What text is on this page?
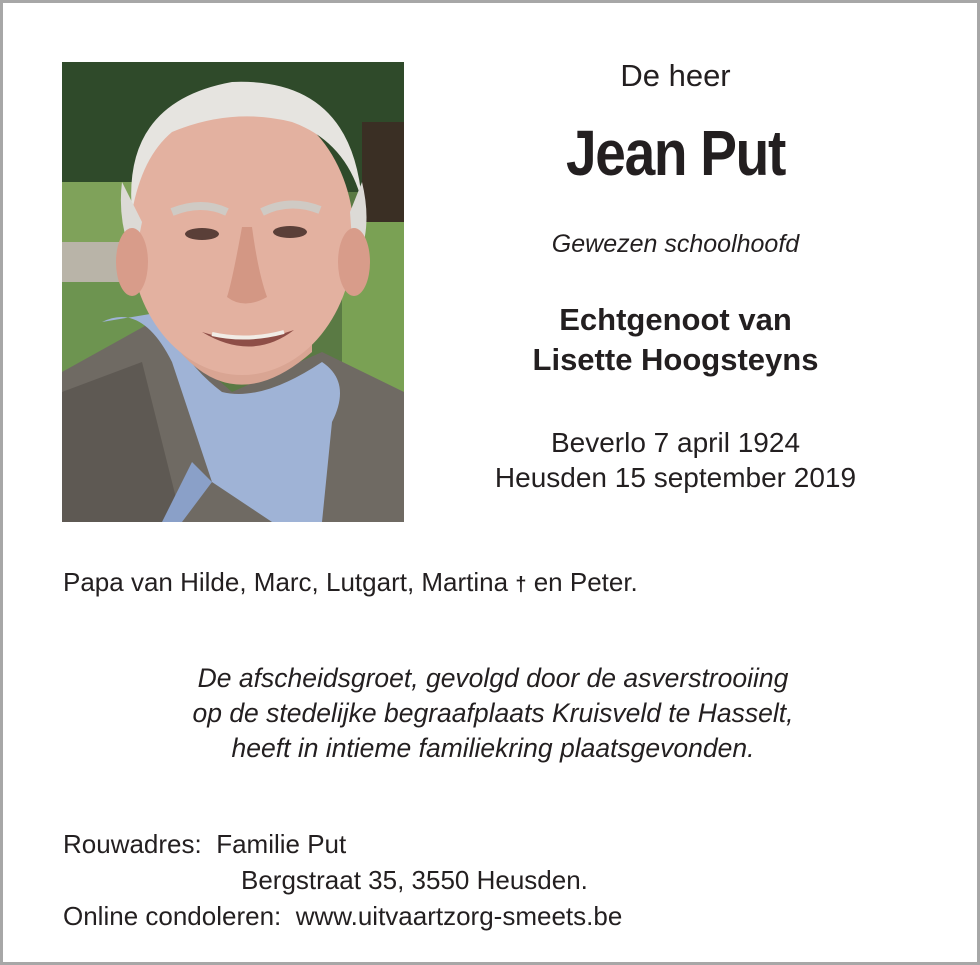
De heer
Jean Put
Gewezen schoolhoofd
Echtgenoot van
Lisette Hoogsteyns
Beverlo 7 april 1924
Heusden 15 september 2019
Papa van Hilde, Marc, Lutgart, Martina † en Peter.
De afscheidsgroet, gevolgd door de asverstrooiing
op de stedelijke begraafplaats Kruisveld te Hasselt,
heeft in intieme familiekring plaatsgevonden.
Rouwadres: Familie Put
Bergstraat 35, 3550 Heusden.
Online condoleren: www.uitvaartzorg-smeets.be
